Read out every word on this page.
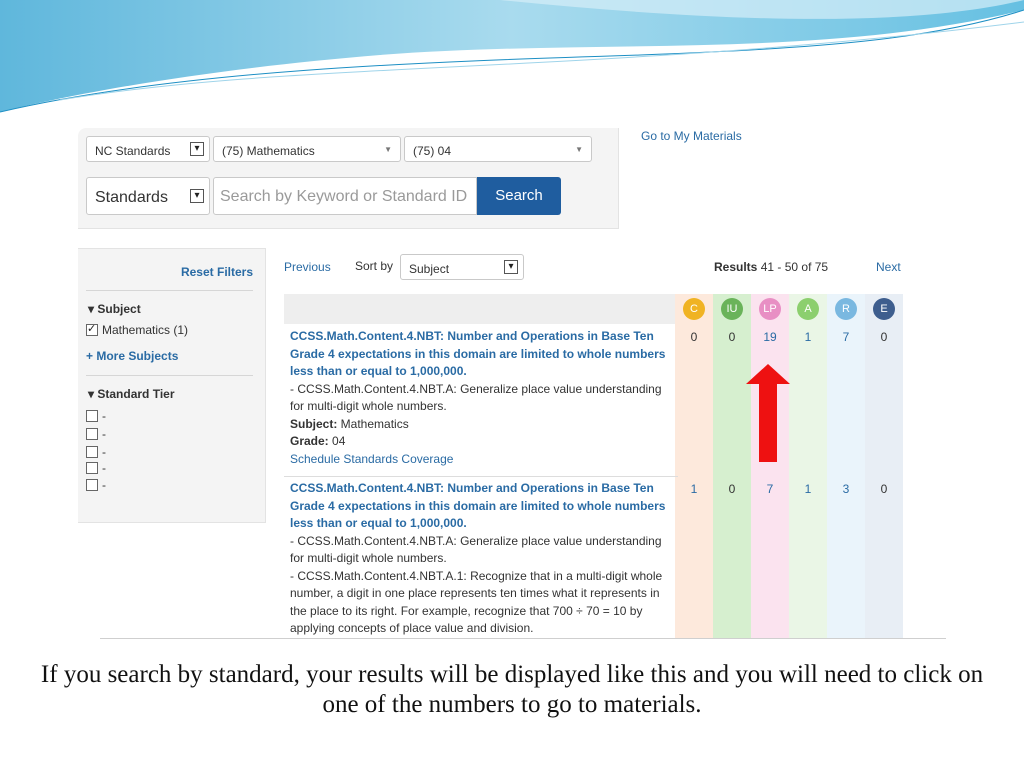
NC Standards	▾	(75) Mathematics	▼ (75) 04	▼
Standards	▾ Search by Keyword or Standard ID	Search
Go to My Materials
Reset Filters
▾ Subject
✓
Mathematics (1)
+ More Subjects
▾ Standard Tier
-
-
-
-
-
Previous Sort by Subject	▾	Results 41 - 50 of 75	Next
C	IU	LP	A	R	E
CCSS.Math.Content.4.NBT: Number and Operations in Base Ten Grade 4 expectations in this domain are limited to whole numbers less than or equal to 1,000,000.
- CCSS.Math.Content.4.NBT.A: Generalize place value understanding for multi-digit whole numbers.
Subject: Mathematics
Grade: 04
Schedule Standards Coverage
0	0	19	1	7	0
CCSS.Math.Content.4.NBT: Number and Operations in Base Ten Grade 4 expectations in this domain are limited to whole numbers less than or equal to 1,000,000.
- CCSS.Math.Content.4.NBT.A: Generalize place value understanding for multi-digit whole numbers.
- CCSS.Math.Content.4.NBT.A.1: Recognize that in a multi-digit whole number, a digit in one place represents ten times what it represents in the place to its right. For example, recognize that 700 ÷ 70 = 10 by applying concepts of place value and division.
1	0	7	1	3	0
If you search by standard, your results will be displayed like this and you will need to click on one of the numbers to go to materials.
